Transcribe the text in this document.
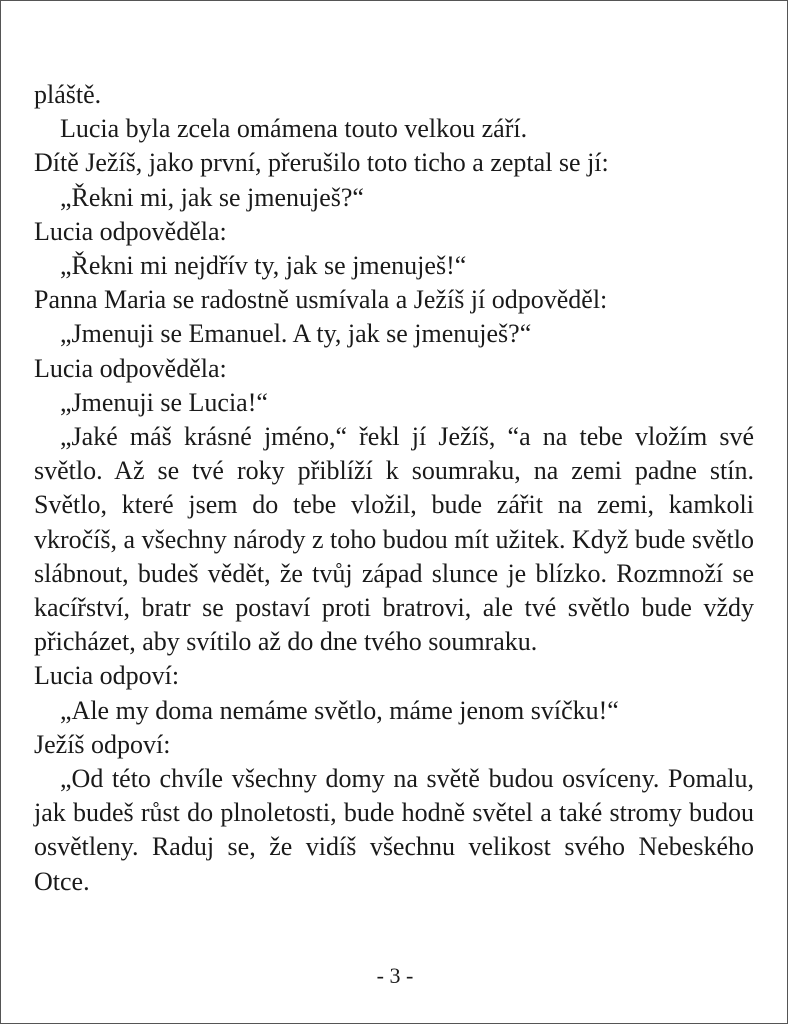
pláště.

Lucia byla zcela omámena touto velkou září.

Dítě Ježíš, jako první, přerušilo toto ticho a zeptal se jí:

„Řekni mi, jak se jmenuješ?“

Lucia odpověděla:

„Řekni mi nejdřív ty, jak se jmenuješ!“

Panna Maria se radostně usmívala a Ježíš jí odpověděl:

„Jmenuji se Emanuel. A ty, jak se jmenuješ?“

Lucia odpověděla:

„Jmenuji se Lucia!“

„Jaké máš krásné jméno,“ řekl jí Ježíš, “a na tebe vložím své světlo. Až se tvé roky přiblíží k soumraku, na zemi padne stín. Světlo, které jsem do tebe vložil, bude zářit na zemi, kamkoli vkročíš, a všechny národy z toho budou mít užitek. Když bude světlo slábnout, budeš vědět, že tvůj západ slunce je blízko. Rozmnoží se kacířství, bratr se postaví proti bratrovi, ale tvé světlo bude vždy přicházet, aby svítilo až do dne tvého soumraku.

Lucia odpoví:

„Ale my doma nemáme světlo, máme jenom svíčku!“

Ježíš odpoví:

„Od této chvíle všechny domy na světě budou osvíceny. Pomalu, jak budeš růst do plnoletosti, bude hodně světel a také stromy budou osvětleny. Raduj se, že vidíš všechnu velikost svého Nebeského Otce.

- 3 -
